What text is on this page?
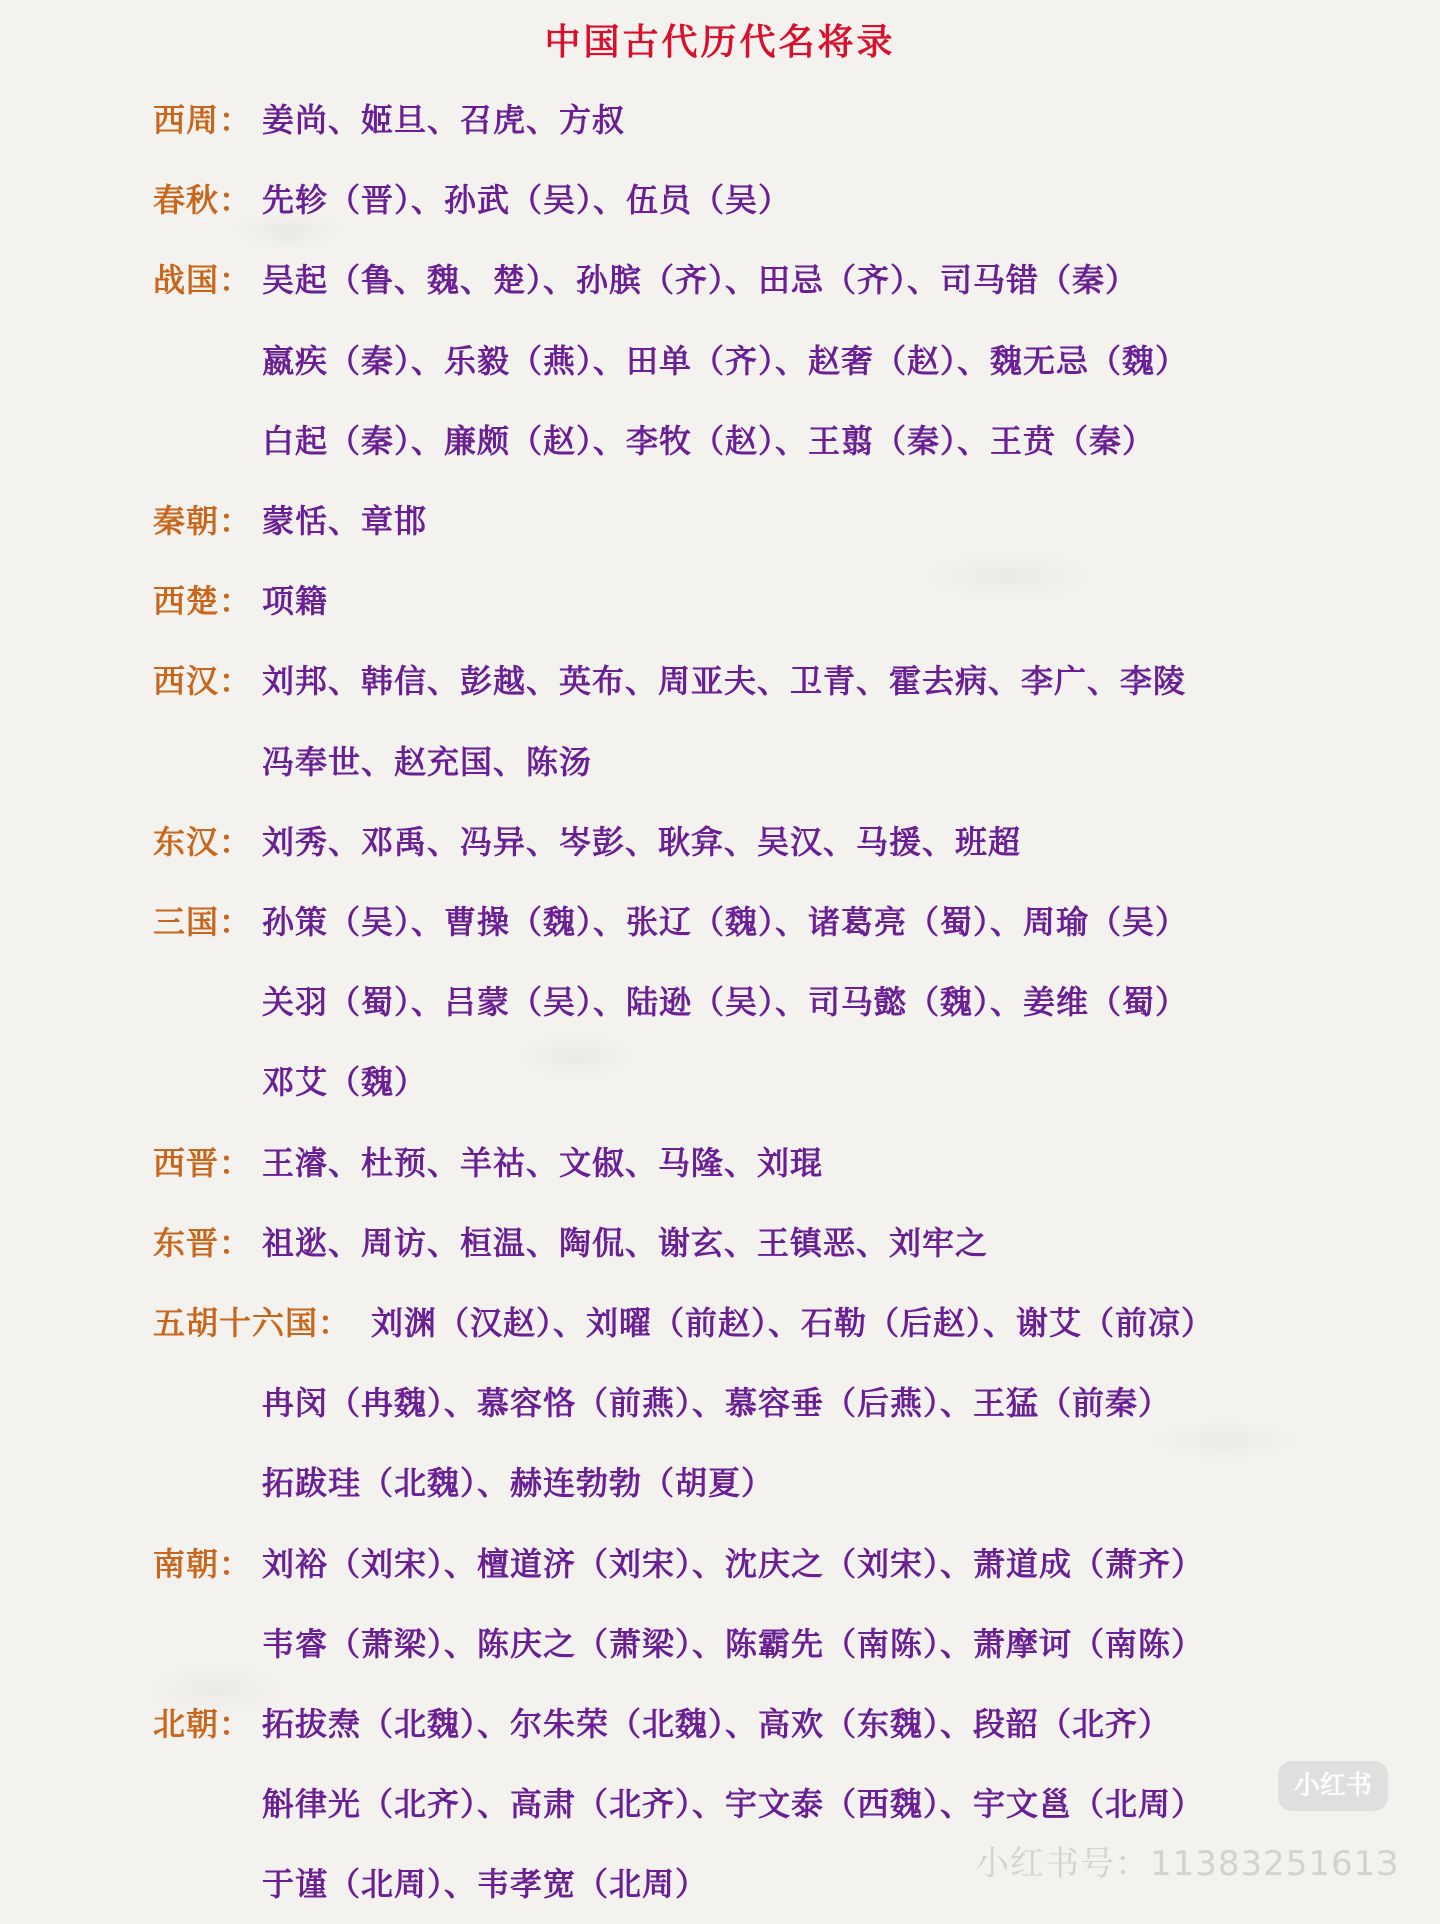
中国古代历代名将录
西周： 姜尚、姬旦、召虎、方叔
春秋： 先轸（晋）、孙武（吴）、伍员（吴）
战国： 吴起（鲁、魏、楚）、孙膑（齐）、田忌（齐）、司马错（秦）
嬴疾（秦）、乐毅（燕）、田单（齐）、赵奢（赵）、魏无忌（魏）
白起（秦）、廉颇（赵）、李牧（赵）、王翦（秦）、王贲（秦）
秦朝： 蒙恬、章邯
西楚： 项籍
西汉： 刘邦、韩信、彭越、英布、周亚夫、卫青、霍去病、李广、李陵
冯奉世、赵充国、陈汤
东汉： 刘秀、邓禹、冯异、岑彭、耿弇、吴汉、马援、班超
三国： 孙策（吴）、曹操（魏）、张辽（魏）、诸葛亮（蜀）、周瑜（吴）
关羽（蜀）、吕蒙（吴）、陆逊（吴）、司马懿（魏）、姜维（蜀）
邓艾（魏）
西晋： 王濬、杜预、羊祜、文俶、马隆、刘琨
东晋： 祖逖、周访、桓温、陶侃、谢玄、王镇恶、刘牢之
五胡十六国： 刘渊（汉赵）、刘曜（前赵）、石勒（后赵）、谢艾（前凉）
冉闵（冉魏）、慕容恪（前燕）、慕容垂（后燕）、王猛（前秦）
拓跋珪（北魏）、赫连勃勃（胡夏）
南朝： 刘裕（刘宋）、檀道济（刘宋）、沈庆之（刘宋）、萧道成（萧齐）
韦睿（萧梁）、陈庆之（萧梁）、陈霸先（南陈）、萧摩诃（南陈）
北朝： 拓拔焘（北魏）、尔朱荣（北魏）、高欢（东魏）、段韶（北齐）
斛律光（北齐）、高肃（北齐）、宇文泰（西魏）、宇文邕（北周）
于谨（北周）、韦孝宽（北周）
小红书
小红书号：1138325161З
